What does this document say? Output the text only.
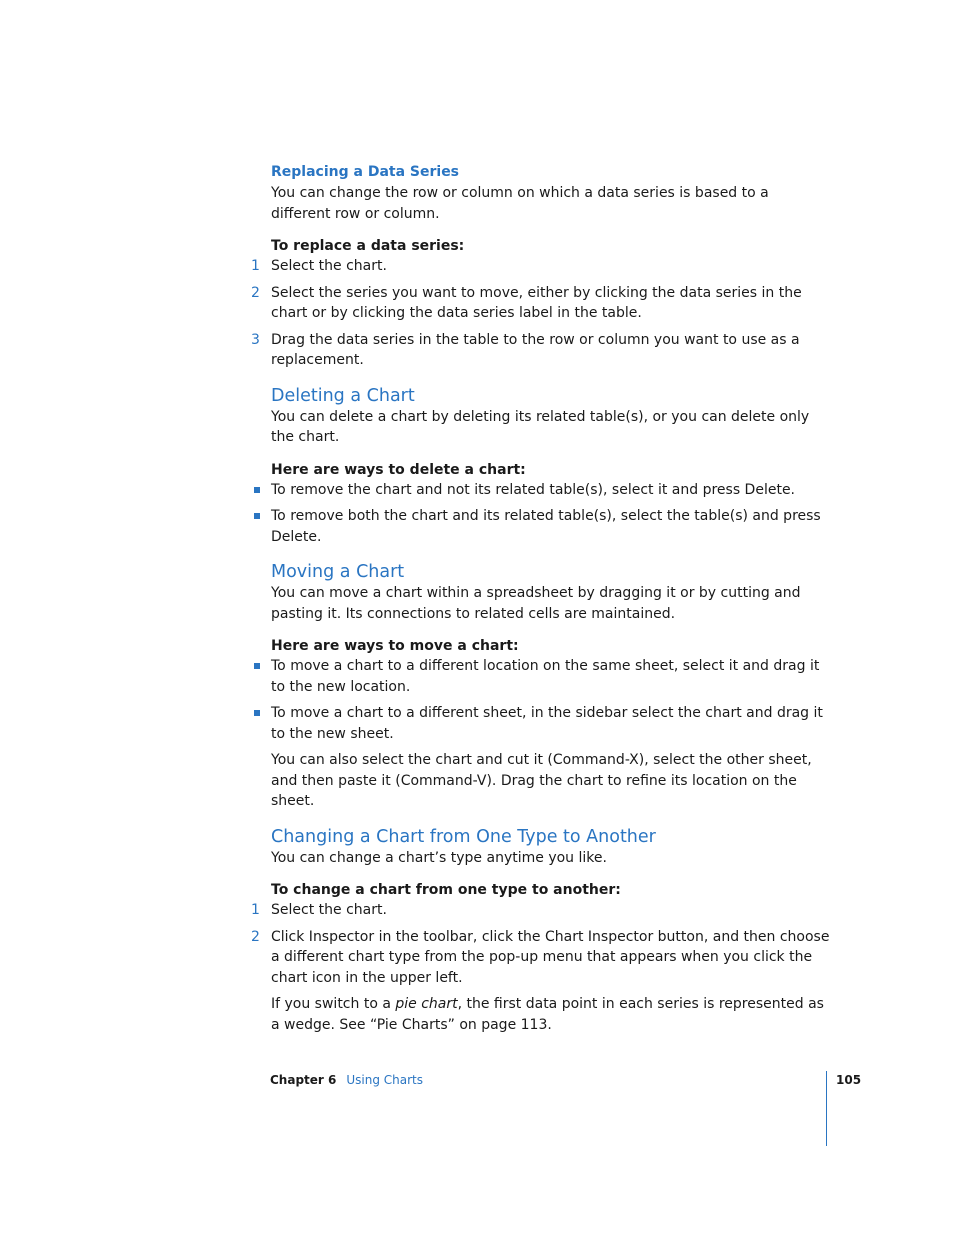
Replacing a Data Series

You can change the row or column on which a data series is based to a different row or column.

To replace a data series:
1 Select the chart.
2 Select the series you want to move, either by clicking the data series in the chart or by clicking the data series label in the table.
3 Drag the data series in the table to the row or column you want to use as a replacement.
Deleting a Chart

You can delete a chart by deleting its related table(s), or you can delete only the chart.

Here are ways to delete a chart:
To remove the chart and not its related table(s), select it and press Delete.
To remove both the chart and its related table(s), select the table(s) and press Delete.
Moving a Chart

You can move a chart within a spreadsheet by dragging it or by cutting and pasting it. Its connections to related cells are maintained.

Here are ways to move a chart:
To move a chart to a different location on the same sheet, select it and drag it to the new location.
To move a chart to a different sheet, in the sidebar select the chart and drag it to the new sheet.

You can also select the chart and cut it (Command-X), select the other sheet, and then paste it (Command-V). Drag the chart to refine its location on the sheet.

Changing a Chart from One Type to Another

You can change a chart’s type anytime you like.

To change a chart from one type to another:
1 Select the chart.
2 Click Inspector in the toolbar, click the Chart Inspector button, and then choose a different chart type from the pop-up menu that appears when you click the chart icon in the upper left.

If you switch to a pie chart, the first data point in each series is represented as a wedge. See “Pie Charts” on page 113.

Chapter 6 Using Charts	105
